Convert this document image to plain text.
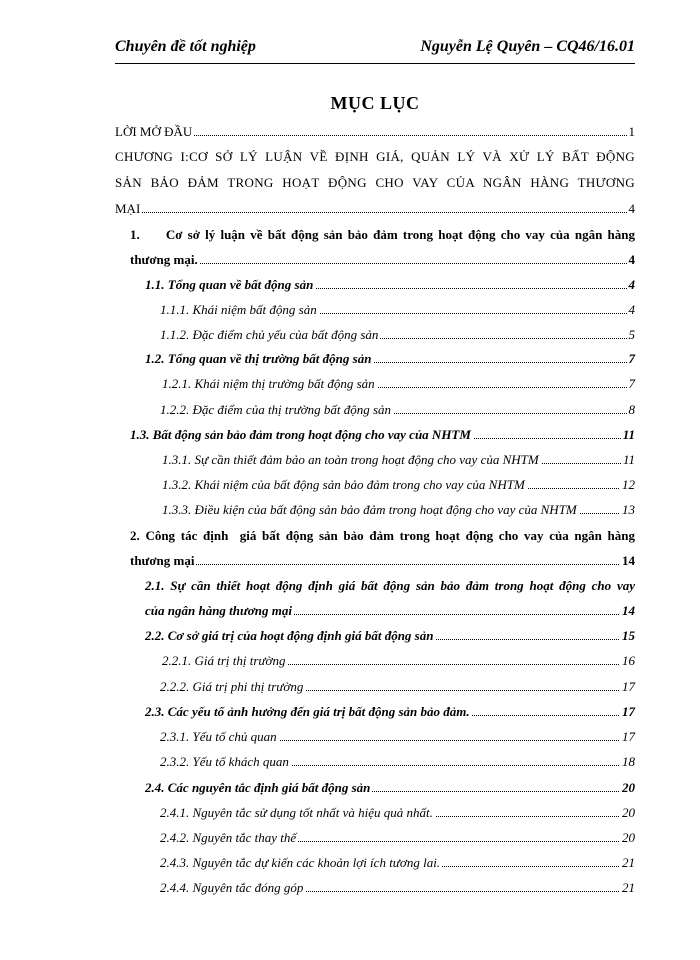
Chuyên đề tốt nghiệp	Nguyễn Lệ Quyên – CQ46/16.01
MỤC LỤC
LỜI MỞ ĐẦU	1
CHƯƠNG I:CƠ SỞ LÝ LUẬN VỀ ĐỊNH GIÁ, QUẢN LÝ VÀ XỬ LÝ BẤT ĐỘNG
SẢN BẢO ĐẢM TRONG HOẠT ĐỘNG CHO VAY CỦA NGÂN HÀNG THƯƠNG
MẠI	4
1.     Cơ sở lý luận về bất động sản bảo đảm trong hoạt động cho vay của ngân hàng
thương mại.	4
1.1. Tổng quan về bất động sản	4
1.1.1. Khái niệm bất động sản	4
1.1.2. Đặc điểm chủ yếu của bất động sản	5
1.2. Tổng quan về thị trường bất động sản	7
1.2.1. Khái niệm thị trường bất động sản	7
1.2.2. Đặc điểm của thị trường bất động sản	8
1.3. Bất động sản bảo đảm trong hoạt động cho vay của NHTM	11
1.3.1. Sự cần thiết đảm bảo an toàn trong hoạt động cho vay của NHTM	11
1.3.2. Khái niệm của bất động sản bảo đảm trong cho vay của NHTM	12
1.3.3. Điều kiện của bất động sản bảo đảm trong hoạt động cho vay của NHTM	13
2. Công tác định  giá bất động sản bảo đảm trong hoạt động cho vay của ngân hàng
thương mại	14
2.1. Sự cần thiết hoạt động định giá bất động sản bảo đảm trong hoạt động cho vay
của ngân hàng thương mại	14
2.2. Cơ sở giá trị của hoạt động định giá bất động sản	15
2.2.1. Giá trị thị trường	16
2.2.2. Giá trị phi thị trường	17
2.3. Các yếu tố ảnh hưởng đến giá trị bất động sản bảo đảm.	17
2.3.1. Yếu tố chủ quan	17
2.3.2. Yếu tố khách quan	18
2.4. Các nguyên tắc định giá bất động sản	20
2.4.1. Nguyên tắc sử dụng tốt nhất và hiệu quả nhất.	20
2.4.2. Nguyên tắc thay thế	20
2.4.3. Nguyên tắc dự kiến các khoản lợi ích tương lai.	21
2.4.4. Nguyên tắc đóng góp	21
